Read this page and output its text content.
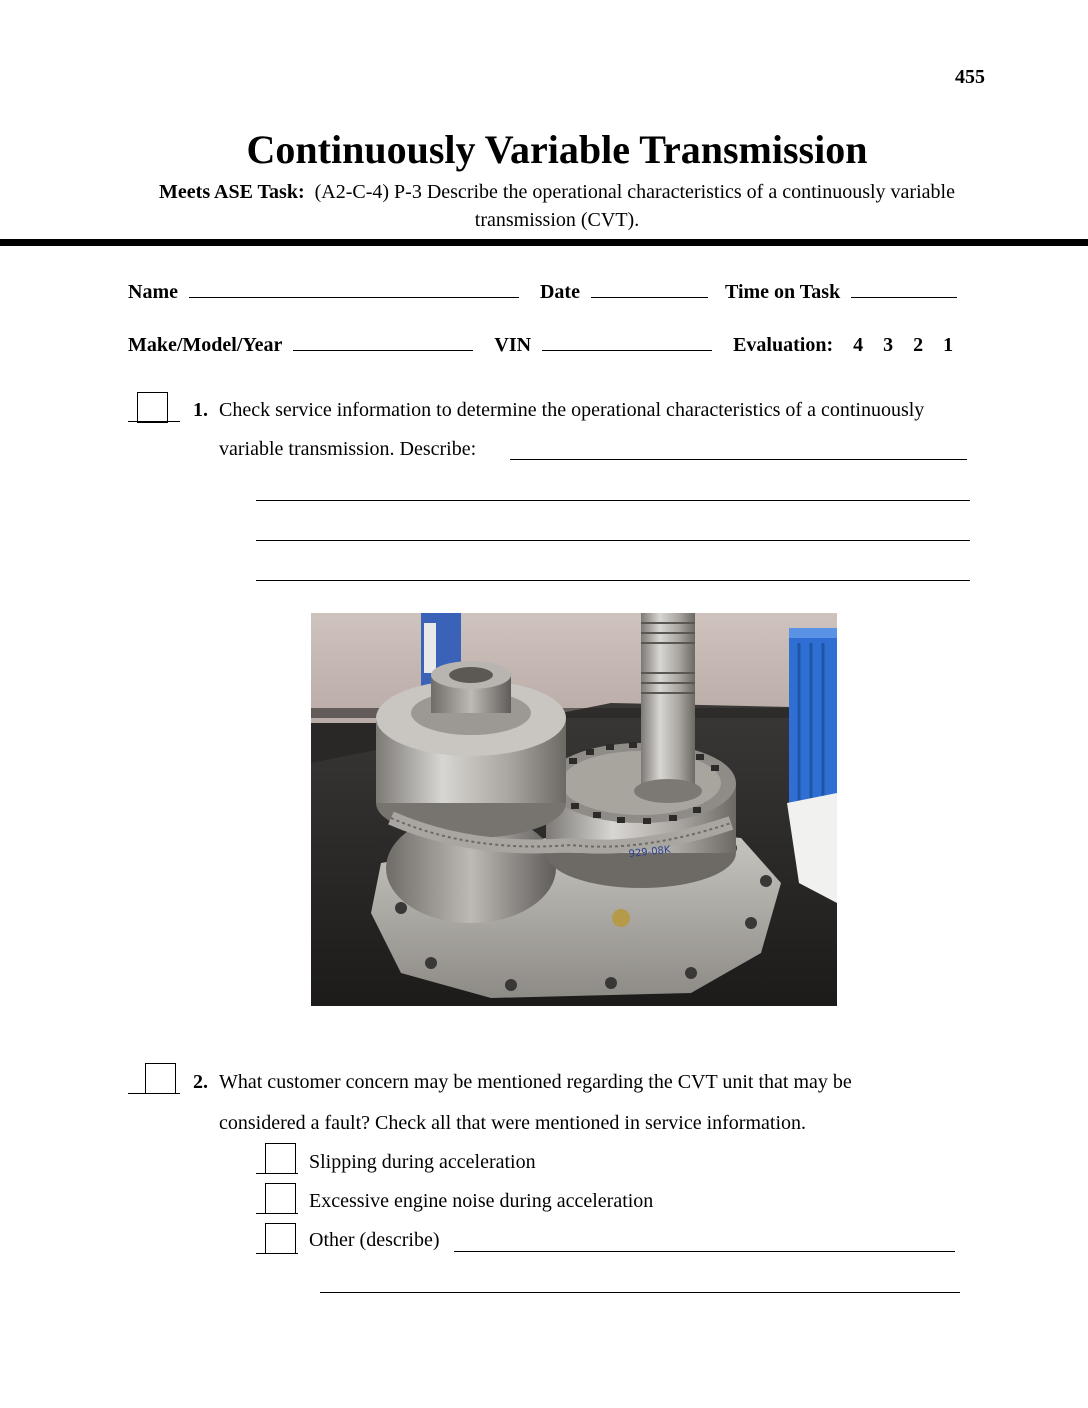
455
Continuously Variable Transmission
Meets ASE Task: (A2-C-4) P-3 Describe the operational characteristics of a continuously variable
transmission (CVT).
Name	Date	Time on Task
Make/Model/Year	VIN	Evaluation: 4 3 2 1
1. Check service information to determine the operational characteristics of a continuously
variable transmission. Describe:
929-08K
2. What customer concern may be mentioned regarding the CVT unit that may be
considered a fault? Check all that were mentioned in service information.
Slipping during acceleration
Excessive engine noise during acceleration
Other (describe)
